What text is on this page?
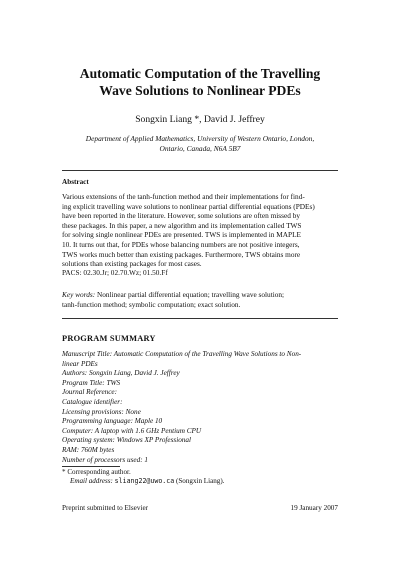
Automatic Computation of the Travelling
Wave Solutions to Nonlinear PDEs
Songxin Liang *, David J. Jeffrey
Department of Applied Mathematics, University of Western Ontario, London,
Ontario, Canada, N6A 5B7
Abstract
Various extensions of the tanh-function method and their implementations for find-
ing explicit travelling wave solutions to nonlinear partial differential equations (PDEs)
have been reported in the literature. However, some solutions are often missed by
these packages. In this paper, a new algorithm and its implementation called TWS
for solving single nonlinear PDEs are presented. TWS is implemented in MAPLE
10. It turns out that, for PDEs whose balancing numbers are not positive integers,
TWS works much better than existing packages. Furthermore, TWS obtains more
solutions than existing packages for most cases.
PACS: 02.30.Jr; 02.70.Wz; 01.50.Ff
Key words: Nonlinear partial differential equation; travelling wave solution;
tanh-function method; symbolic computation; exact solution.
PROGRAM SUMMARY
Manuscript Title: Automatic Computation of the Travelling Wave Solutions to Non-
linear PDEs
Authors: Songxin Liang, David J. Jeffrey
Program Title: TWS
Journal Reference:
Catalogue identifier:
Licensing provisions: None
Programming language: Maple 10
Computer: A laptop with 1.6 GHz Pentium CPU
Operating system: Windows XP Professional
RAM: 760M bytes
Number of processors used: 1
* Corresponding author.
Email address: sliang22@uwo.ca (Songxin Liang).
Preprint submitted to Elsevier	19 January 2007
